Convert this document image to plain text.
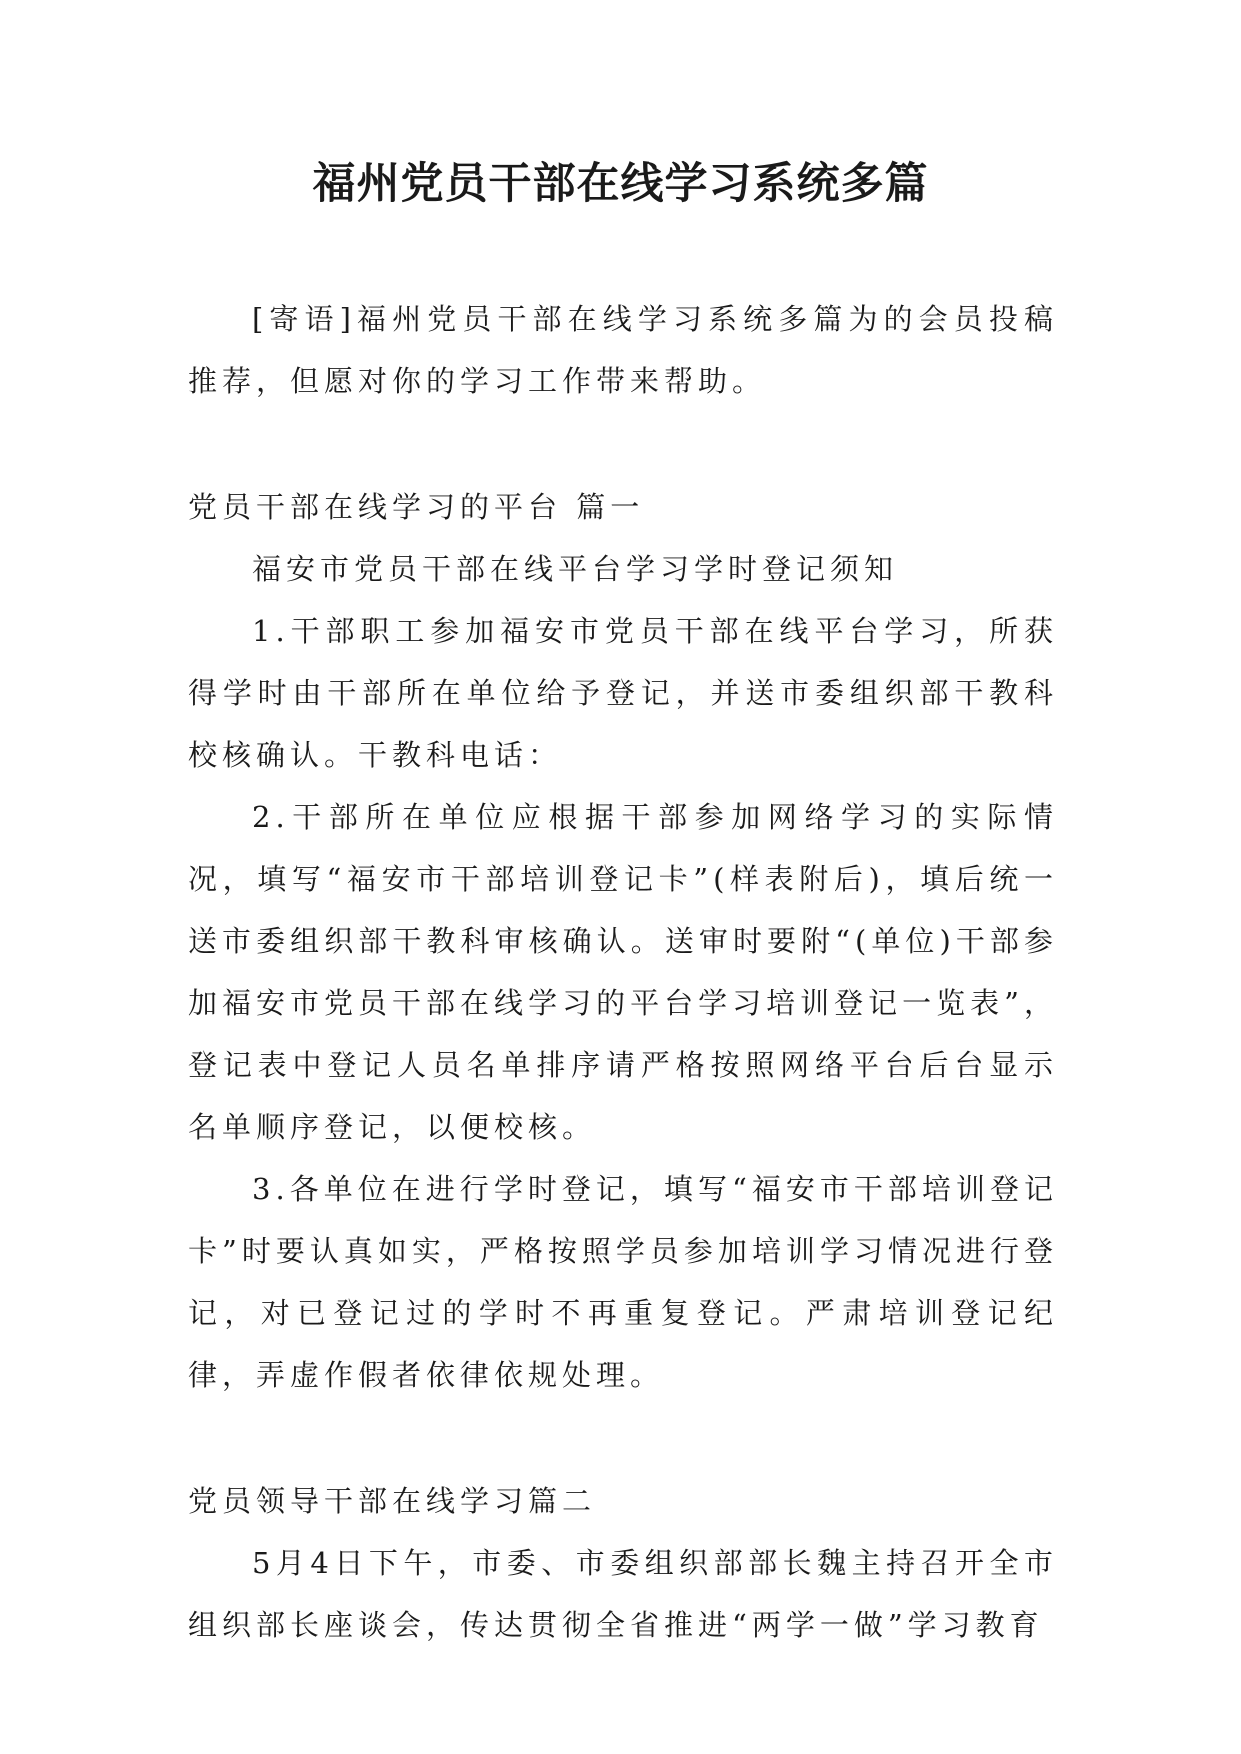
福州党员干部在线学习系统多篇

[寄语]福州党员干部在线学习系统多篇为的会员投稿推荐，但愿对你的学习工作带来帮助。

党员干部在线学习的平台 篇一

福安市党员干部在线平台学习学时登记须知

1.干部职工参加福安市党员干部在线平台学习，所获得学时由干部所在单位给予登记，并送市委组织部干教科校核确认。干教科电话：

2.干部所在单位应根据干部参加网络学习的实际情况，填写“福安市干部培训登记卡”(样表附后)，填后统一送市委组织部干教科审核确认。送审时要附“(单位)干部参加福安市党员干部在线学习的平台学习培训登记一览表”，登记表中登记人员名单排序请严格按照网络平台后台显示名单顺序登记，以便校核。

3.各单位在进行学时登记，填写“福安市干部培训登记卡”时要认真如实，严格按照学员参加培训学习情况进行登记，对已登记过的学时不再重复登记。严肃培训登记纪律，弄虚作假者依律依规处理。

党员领导干部在线学习篇二

5月4日下午，市委、市委组织部部长魏主持召开全市组织部长座谈会，传达贯彻全省推进“两学一做”学习教育
